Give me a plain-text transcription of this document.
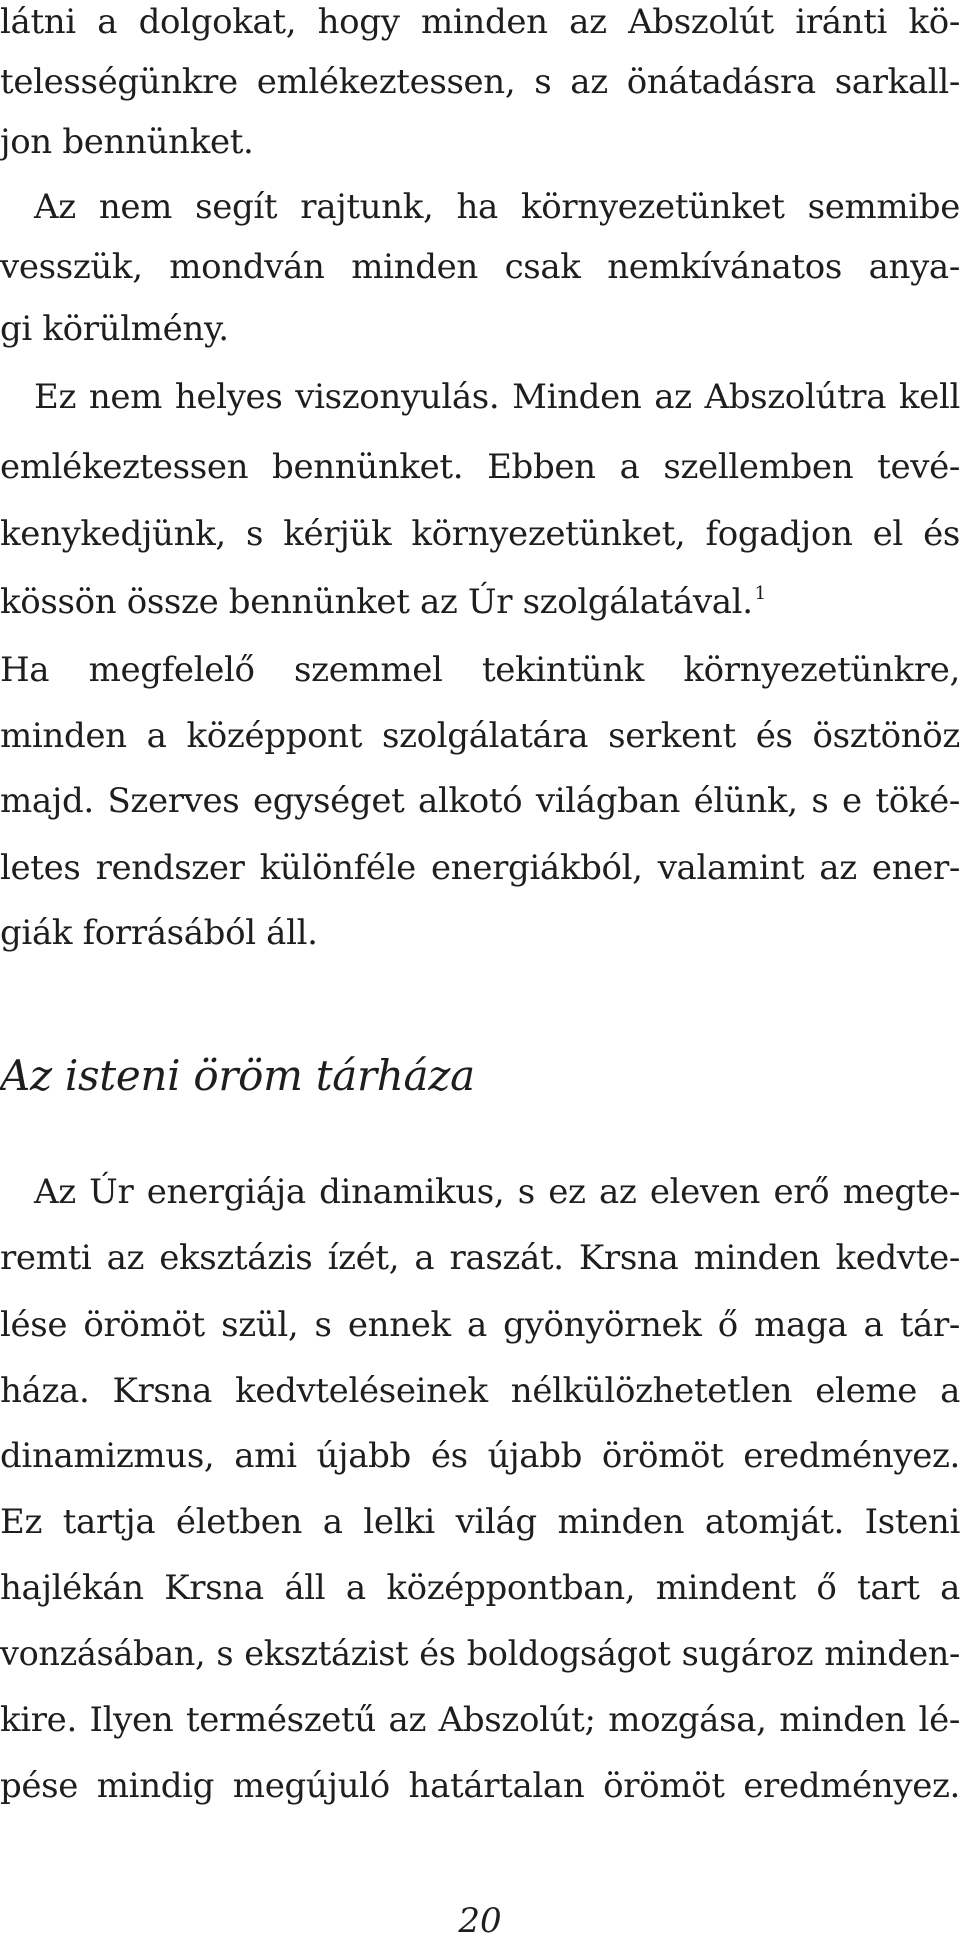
látni a dolgokat, hogy minden az Abszolút iránti kö-
telességünkre emlékeztessen, s az önátadásra sarkall-
jon bennünket.
Az nem segít rajtunk, ha környezetünket semmibe
vesszük, mondván minden csak nemkívánatos anya-
gi körülmény.
Ez nem helyes viszonyulás. Minden az Abszolútra kell
emlékeztessen bennünket. Ebben a szellemben tevé-
kenykedjünk, s kérjük környezetünket, fogadjon el és
kössön össze bennünket az Úr szolgálatával. $^1$
Ha megfelelő szemmel tekintünk környezetünkre,
minden a középpont szolgálatára serkent és ösztönöz
majd. Szerves egységet alkotó világban élünk, s e töké-
letes rendszer különféle energiákból, valamint az ener-
giák forrásából áll.
Az isteni öröm tárháza
Az Úr energiája dinamikus, s ez az eleven erő megte-
remti az eksztázis ízét, a raszát. Krsna minden kedvte-
lése örömöt szül, s ennek a gyönyörnek ő maga a tár-
háza. Krsna kedvteléseinek nélkülözhetetlen eleme a
dinamizmus, ami újabb és újabb örömöt eredményez.
Ez tartja életben a lelki világ minden atomját. Isteni
hajlékán Krsna áll a középpontban, mindent ő tart a
vonzásában, s eksztázist és boldogságot sugároz minden-
kire. Ilyen természetű az Abszolút; mozgása, minden lé-
pése mindig megújuló határtalan örömöt eredményez.
20
